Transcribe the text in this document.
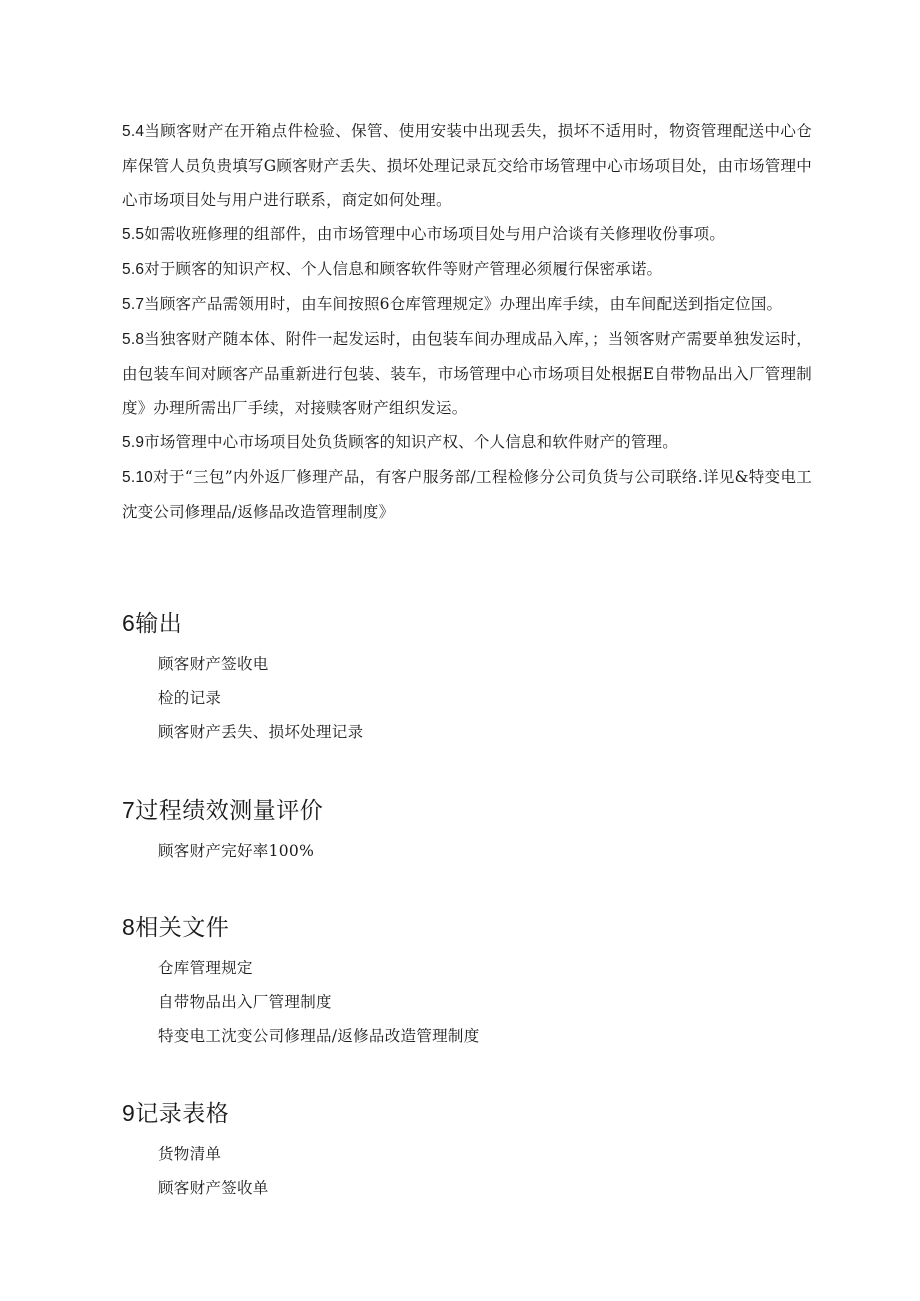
5.4当顾客财产在开箱点件检验、保管、使用安装中出现丢失，损坏不适用时，物资管理配送中心仓库保管人员负贵填写G顾客财产丢失、损坏处理记录瓦交给市场管理中心市场项目处，由市场管理中心市场项目处与用户进行联系，商定如何处理。
5.5如需收班修理的组部件，由市场管理中心市场项目处与用户洽谈有关修理收份事项。
5.6对于顾客的知识产权、个人信息和顾客软件等财产管理必须履行保密承诺。
5.7当顾客产品需领用时，由车间按照6仓库管理规定》办理出库手续，由车间配送到指定位国。
5.8当独客财产随本体、附件一起发运时，由包装车间办理成品入库，；当领客财产需要单独发运时，由包装车间对顾客产品重新进行包装、装车，市场管理中心市场项目处根据E自带物品出入厂管理制度》办理所需出厂手续，对接赎客财产组织发运。
5.9市场管理中心市场项目处负货顾客的知识产权、个人信息和软件财产的管理。
5.10对于“三包”内外返厂修理产品，有客户服务部/工程检修分公司负货与公司联络.详见&特变电工沈变公司修理品/返修品改造管理制度》
6输出
顾客财产签收电
检的记录
顾客财产丢失、损坏处理记录
7过程绩效测量评价
顾客财产完好率100%
8相关文件
仓库管理规定
自带物品出入厂管理制度
特变电工沈变公司修理品/返修品改造管理制度
9记录表格
货物清单
顾客财产签收单
